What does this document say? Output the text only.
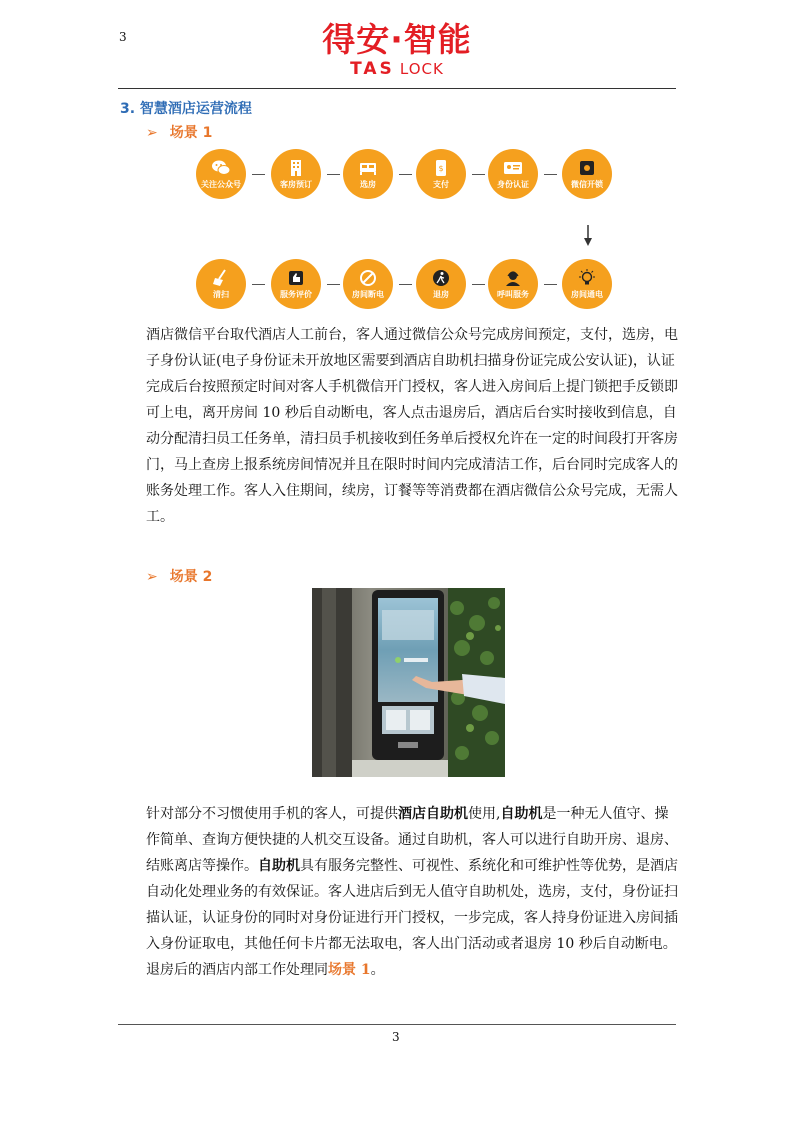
3	得安·智能
TAS LOCK
3. 智慧酒店运营流程
➢ 场景 1
关注公众号	客房预订	选房
$
支付	身份认证	微信开锁
清扫	服务评价	房间断电	退房	呼叫服务	房间通电
酒店微信平台取代酒店人工前台，客人通过微信公众号完成房间预定，支付，选房，电子身份认证(电子身份证未开放地区需要到酒店自助机扫描身份证完成公安认证)，认证完成后台按照预定时间对客人手机微信开门授权，客人进入房间后上提门锁把手反锁即可上电，离开房间 10 秒后自动断电，客人点击退房后，酒店后台实时接收到信息，自动分配清扫员工任务单，清扫员手机接收到任务单后授权允许在一定的时间段打开客房门，马上查房上报系统房间情况并且在限时时间内完成清洁工作，后台同时完成客人的账务处理工作。客人入住期间，续房，订餐等等消费都在酒店微信公众号完成，无需人工。
➢ 场景 2
针对部分不习惯使用手机的客人，可提供酒店自助机使用,自助机是一种无人值守、操作简单、查询方便快捷的人机交互设备。通过自助机，客人可以进行自助开房、退房、结账离店等操作。自助机具有服务完整性、可视性、系统化和可维护性等优势，是酒店自动化处理业务的有效保证。客人进店后到无人值守自助机处，选房，支付，身份证扫描认证，认证身份的同时对身份证进行开门授权，一步完成，客人持身份证进入房间插入身份证取电，其他任何卡片都无法取电，客人出门活动或者退房 10 秒后自动断电。退房后的酒店内部工作处理同场景 1。
3
